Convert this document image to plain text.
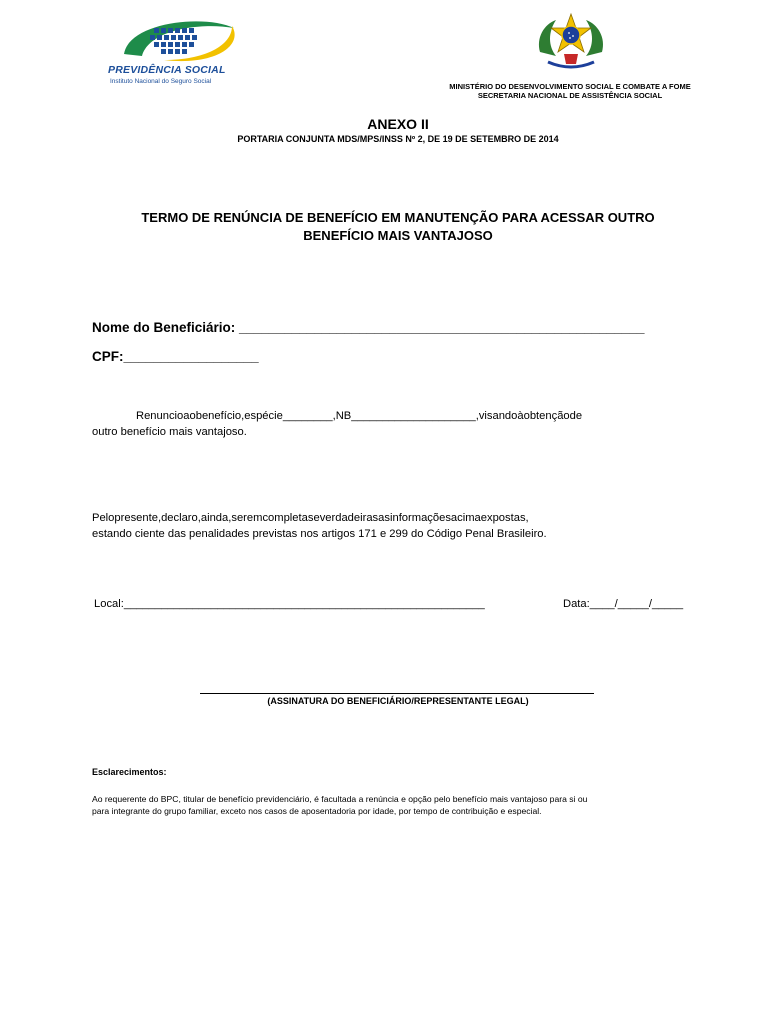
PREVIDÊNCIA SOCIAL
Instituto Nacional do Seguro Social
MINISTÉRIO DO DESENVOLVIMENTO SOCIAL E COMBATE A FOME
SECRETARIA NACIONAL DE ASSISTÊNCIA SOCIAL
ANEXO II
PORTARIA CONJUNTA MDS/MPS/INSS Nº 2, DE 19 DE SETEMBRO DE 2014
TERMO DE RENÚNCIA DE BENEFÍCIO EM MANUTENÇÃO PARA ACESSAR OUTRO
BENEFÍCIO MAIS VANTAJOSO
Nome do Beneficiário: ______________________________________________________
CPF:__________________
Renuncioaobenefício,espécie________,NB____________________,visandoàobtençãode
outro benefício mais vantajoso.
Pelopresente,declaro,ainda,seremcompletaseverdadeirasasinformaçõesacimaexpostas,
estando ciente das penalidades previstas nos artigos 171 e 299 do Código Penal Brasileiro.
Local:__________________________________________________________	Data:____/_____/_____
(ASSINATURA DO BENEFICIÁRIO/REPRESENTANTE LEGAL)
Esclarecimentos:
Ao requerente do BPC, titular de benefício previdenciário, é facultada a renúncia e opção pelo benefício mais vantajoso para si ou
para integrante do grupo familiar, exceto nos casos de aposentadoria por idade, por tempo de contribuição e especial.
